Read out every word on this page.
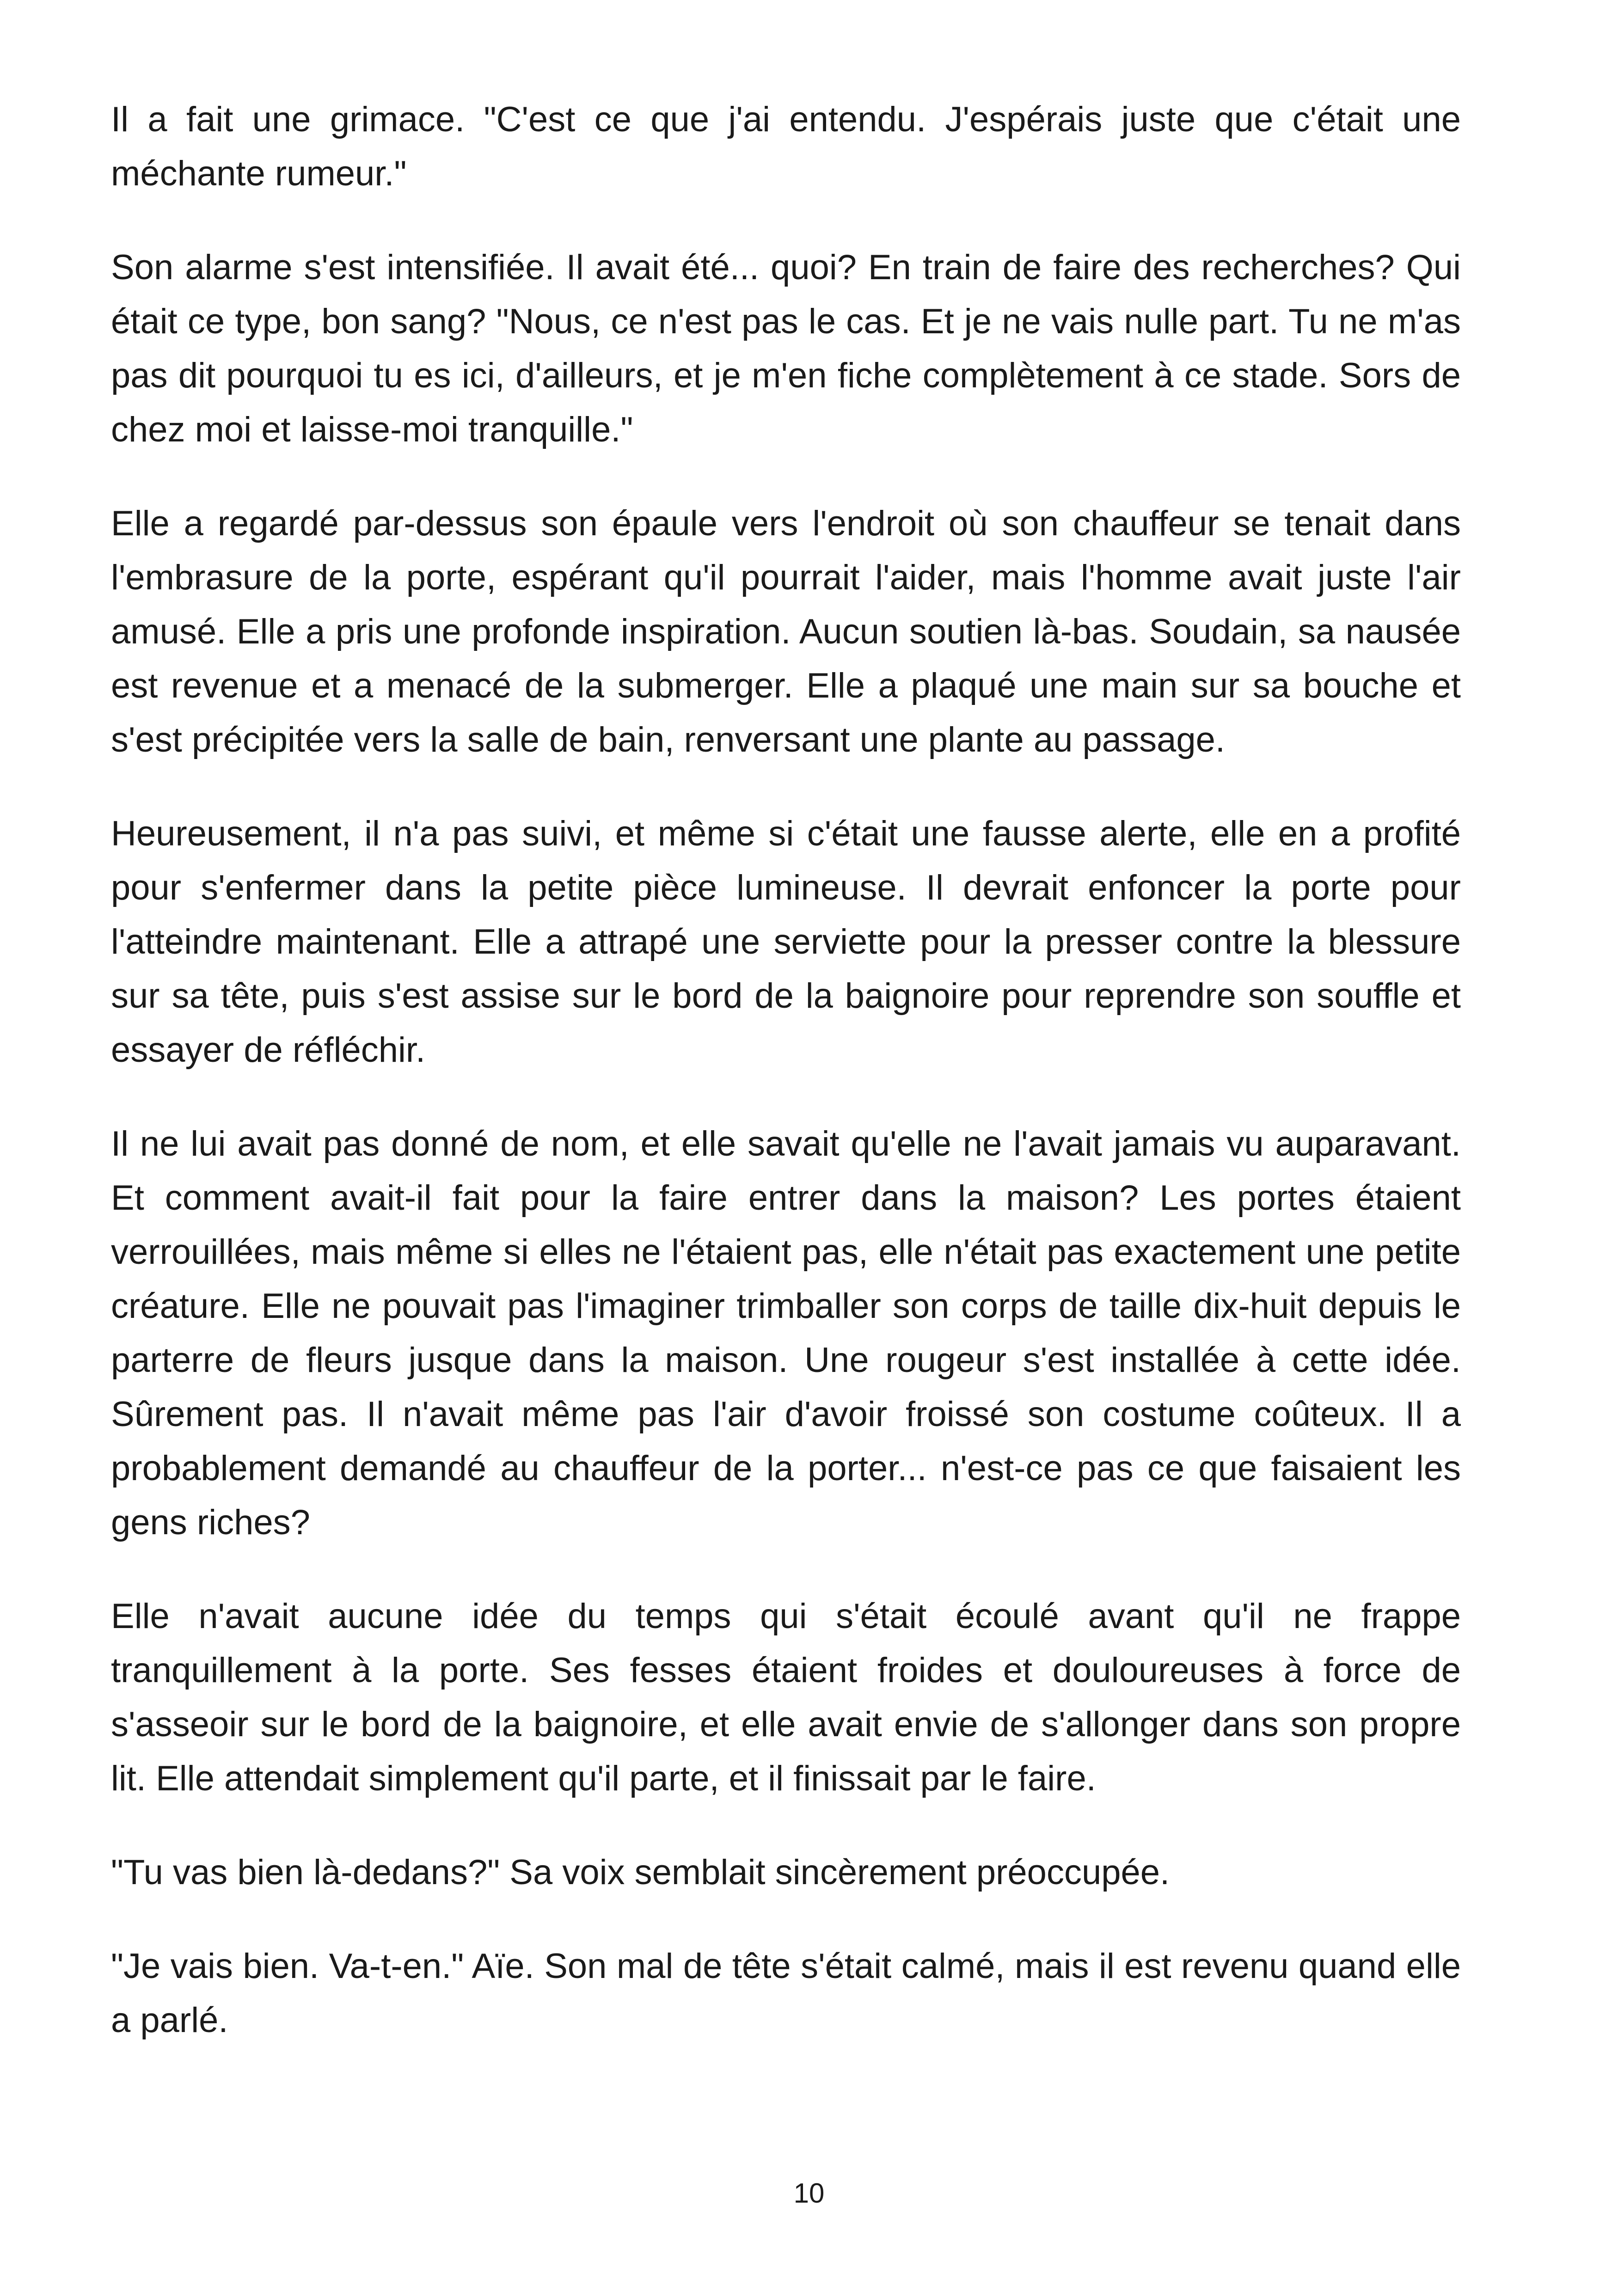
Il a fait une grimace. "C'est ce que j'ai entendu. J'espérais juste que c'était une méchante rumeur."

Son alarme s'est intensifiée. Il avait été... quoi? En train de faire des recherches? Qui était ce type, bon sang? "Nous, ce n'est pas le cas. Et je ne vais nulle part. Tu ne m'as pas dit pourquoi tu es ici, d'ailleurs, et je m'en fiche complètement à ce stade. Sors de chez moi et laisse-moi tranquille."

Elle a regardé par-dessus son épaule vers l'endroit où son chauffeur se tenait dans l'embrasure de la porte, espérant qu'il pourrait l'aider, mais l'homme avait juste l'air amusé. Elle a pris une profonde inspiration. Aucun soutien là-bas. Soudain, sa nausée est revenue et a menacé de la submerger. Elle a plaqué une main sur sa bouche et s'est précipitée vers la salle de bain, renversant une plante au passage.

Heureusement, il n'a pas suivi, et même si c'était une fausse alerte, elle en a profité pour s'enfermer dans la petite pièce lumineuse. Il devrait enfoncer la porte pour l'atteindre maintenant. Elle a attrapé une serviette pour la presser contre la blessure sur sa tête, puis s'est assise sur le bord de la baignoire pour reprendre son souffle et essayer de réfléchir.

Il ne lui avait pas donné de nom, et elle savait qu'elle ne l'avait jamais vu auparavant. Et comment avait-il fait pour la faire entrer dans la maison? Les portes étaient verrouillées, mais même si elles ne l'étaient pas, elle n'était pas exactement une petite créature. Elle ne pouvait pas l'imaginer trimballer son corps de taille dix-huit depuis le parterre de fleurs jusque dans la maison. Une rougeur s'est installée à cette idée. Sûrement pas. Il n'avait même pas l'air d'avoir froissé son costume coûteux. Il a probablement demandé au chauffeur de la porter... n'est-ce pas ce que faisaient les gens riches?

Elle n'avait aucune idée du temps qui s'était écoulé avant qu'il ne frappe tranquillement à la porte. Ses fesses étaient froides et douloureuses à force de s'asseoir sur le bord de la baignoire, et elle avait envie de s'allonger dans son propre lit. Elle attendait simplement qu'il parte, et il finissait par le faire.

"Tu vas bien là-dedans?" Sa voix semblait sincèrement préoccupée.

"Je vais bien. Va-t-en." Aïe. Son mal de tête s'était calmé, mais il est revenu quand elle a parlé.

10
